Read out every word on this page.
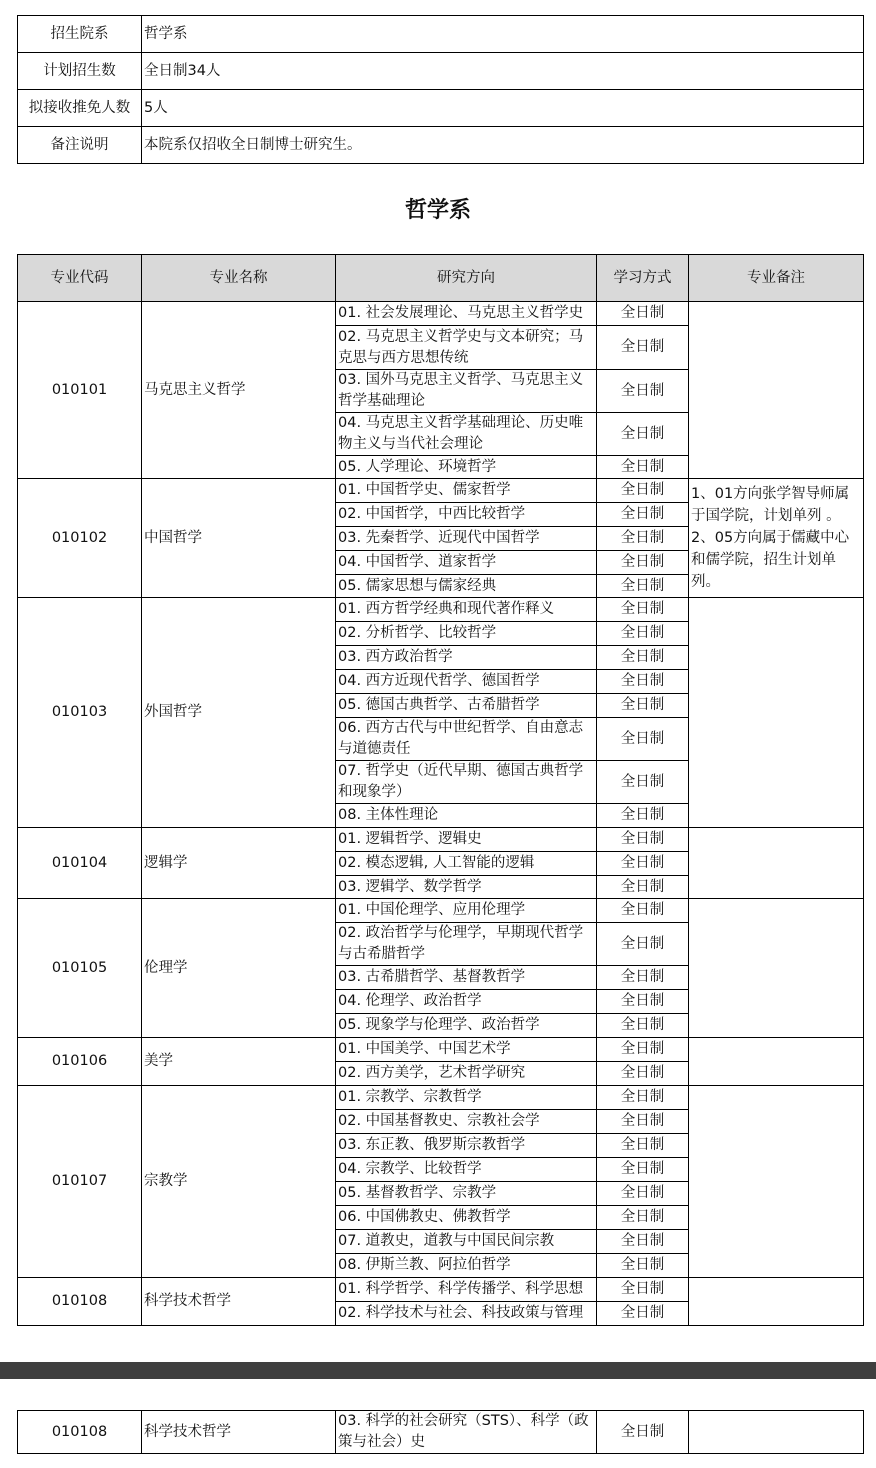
招生院系	哲学系
计划招生数	全日制34人
拟接收推免人数	5人
备注说明	本院系仅招收全日制博士研究生。
哲学系
专业代码	专业名称	研究方向	学习方式	专业备注
010101	马克思主义哲学	01. 社会发展理论、马克思主义哲学史	全日制	
		02. 马克思主义哲学史与文本研究；马克思与西方思想传统	全日制	
		03. 国外马克思主义哲学、马克思主义哲学基础理论	全日制	
		04. 马克思主义哲学基础理论、历史唯物主义与当代社会理论	全日制	
		05. 人学理论、环境哲学	全日制	
010102	中国哲学	01. 中国哲学史、儒家哲学	全日制	1、01方向张学智导师属于国学院，计划单列 。
2、05方向属于儒藏中心和儒学院，招生计划单列。

		02. 中国哲学，中西比较哲学	全日制	
		03. 先秦哲学、近现代中国哲学	全日制	
		04. 中国哲学、道家哲学	全日制	
		05. 儒家思想与儒家经典	全日制	
010103	外国哲学	01. 西方哲学经典和现代著作释义	全日制	
		02. 分析哲学、比较哲学	全日制	
		03. 西方政治哲学	全日制	
		04. 西方近现代哲学、德国哲学	全日制	
		05. 德国古典哲学、古希腊哲学	全日制	
		06. 西方古代与中世纪哲学、自由意志与道德责任	全日制	
		07. 哲学史（近代早期、德国古典哲学和现象学）	全日制	
		08. 主体性理论	全日制	
010104	逻辑学	01. 逻辑哲学、逻辑史	全日制	
		02. 模态逻辑, 人工智能的逻辑	全日制	
		03. 逻辑学、数学哲学	全日制	
010105	伦理学	01. 中国伦理学、应用伦理学	全日制	
		02. 政治哲学与伦理学，早期现代哲学与古希腊哲学	全日制	
		03. 古希腊哲学、基督教哲学	全日制	
		04. 伦理学、政治哲学	全日制	
		05. 现象学与伦理学、政治哲学	全日制	
010106	美学	01. 中国美学、中国艺术学	全日制	
		02. 西方美学，艺术哲学研究	全日制	
010107	宗教学	01. 宗教学、宗教哲学	全日制	
		02. 中国基督教史、宗教社会学	全日制	
		03. 东正教、俄罗斯宗教哲学	全日制	
		04. 宗教学、比较哲学	全日制	
		05. 基督教哲学、宗教学	全日制	
		06. 中国佛教史、佛教哲学	全日制	
		07. 道教史，道教与中国民间宗教	全日制	
		08. 伊斯兰教、阿拉伯哲学	全日制	
010108	科学技术哲学	01. 科学哲学、科学传播学、科学思想	全日制	
		02. 科学技术与社会、科技政策与管理	全日制	
010108	科学技术哲学	03. 科学的社会研究（STS）、科学（政策与社会）史	全日制	
